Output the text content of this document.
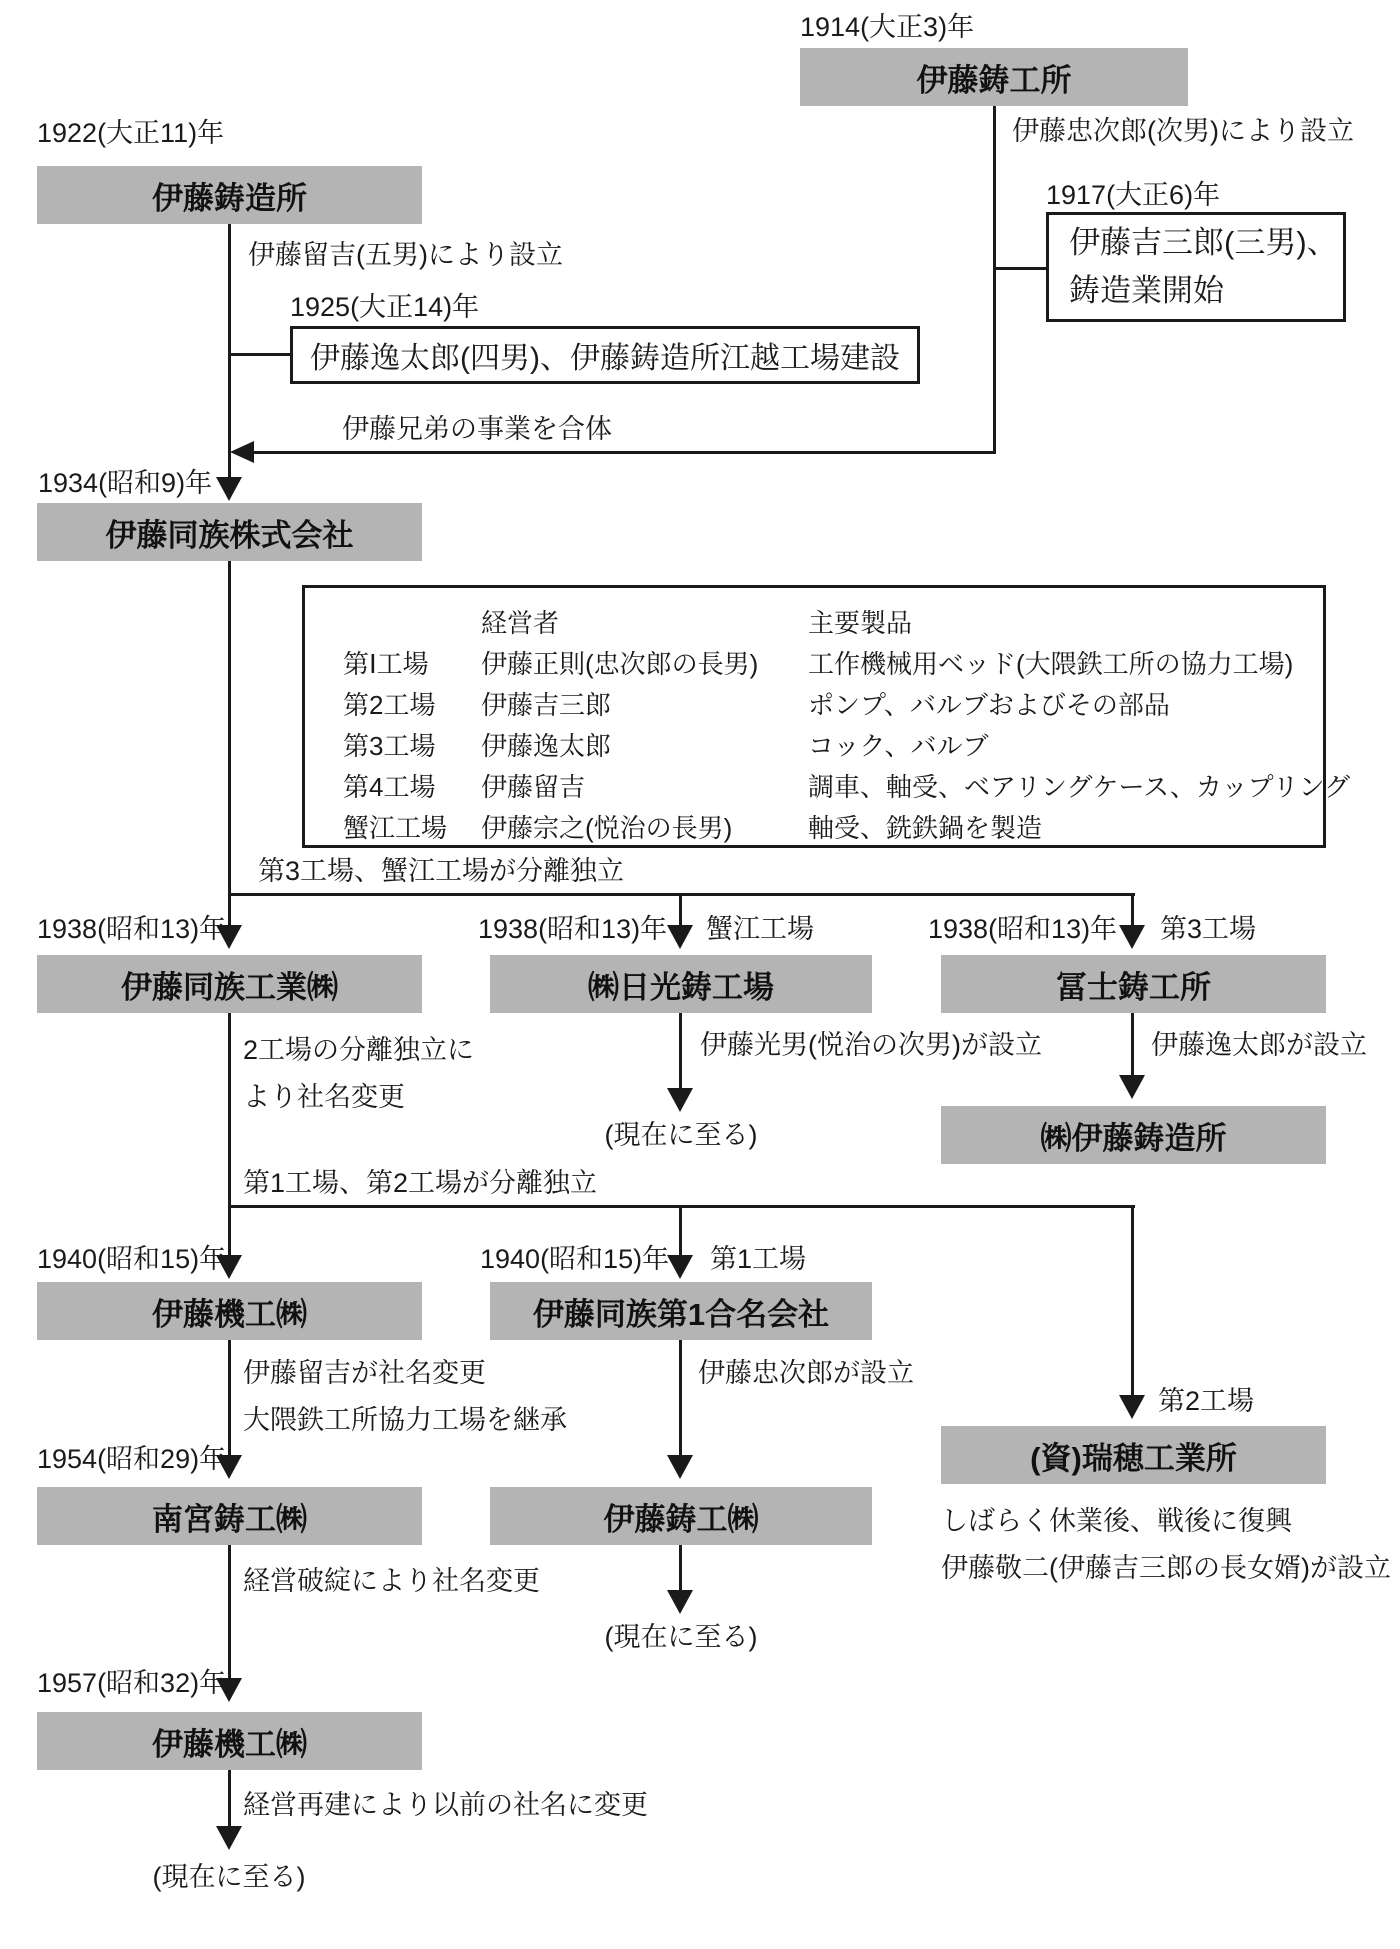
1914(大正3)年
伊藤鋳工所
伊藤忠次郎(次男)により設立
1917(大正6)年
伊藤吉三郎(三男)、
鋳造業開始
1922(大正11)年
伊藤鋳造所
伊藤留吉(五男)により設立
1925(大正14)年
伊藤逸太郎(四男)、伊藤鋳造所江越工場建設
伊藤兄弟の事業を合体
1934(昭和9)年
伊藤同族株式会社
経営者	主要製品
第Ⅰ工場 伊藤正則(忠次郎の長男) 工作機械用ベッド(大隈鉄工所の協力工場)
第2工場 伊藤吉三郎	ポンプ、バルブおよびその部品
第3工場 伊藤逸太郎	コック、バルブ
第4工場 伊藤留吉	調車、軸受、ベアリングケース、カップリング
蟹江工場 伊藤宗之(悦治の長男)	軸受、銑鉄鍋を製造
第3工場、蟹江工場が分離独立
1938(昭和13)年	1938(昭和13)年 蟹江工場	1938(昭和13)年 第3工場
伊藤同族工業㈱	㈱日光鋳工場	冨士鋳工所
2工場の分離独立に
より社名変更
伊藤光男(悦治の次男)が設立
(現在に至る)
伊藤逸太郎が設立
㈱伊藤鋳造所
第1工場、第2工場が分離独立
1940(昭和15)年	1940(昭和15)年 第1工場
第2工場
伊藤機工㈱	伊藤同族第1合名会社
(資)瑞穂工業所
伊藤留吉が社名変更
大隈鉄工所協力工場を継承
伊藤忠次郎が設立
しばらく休業後、戦後に復興
伊藤敬二(伊藤吉三郎の長女婿)が設立
1954(昭和29)年
南宮鋳工㈱	伊藤鋳工㈱
(現在に至る)
経営破綻により社名変更
1957(昭和32)年
伊藤機工㈱
経営再建により以前の社名に変更
(現在に至る)
